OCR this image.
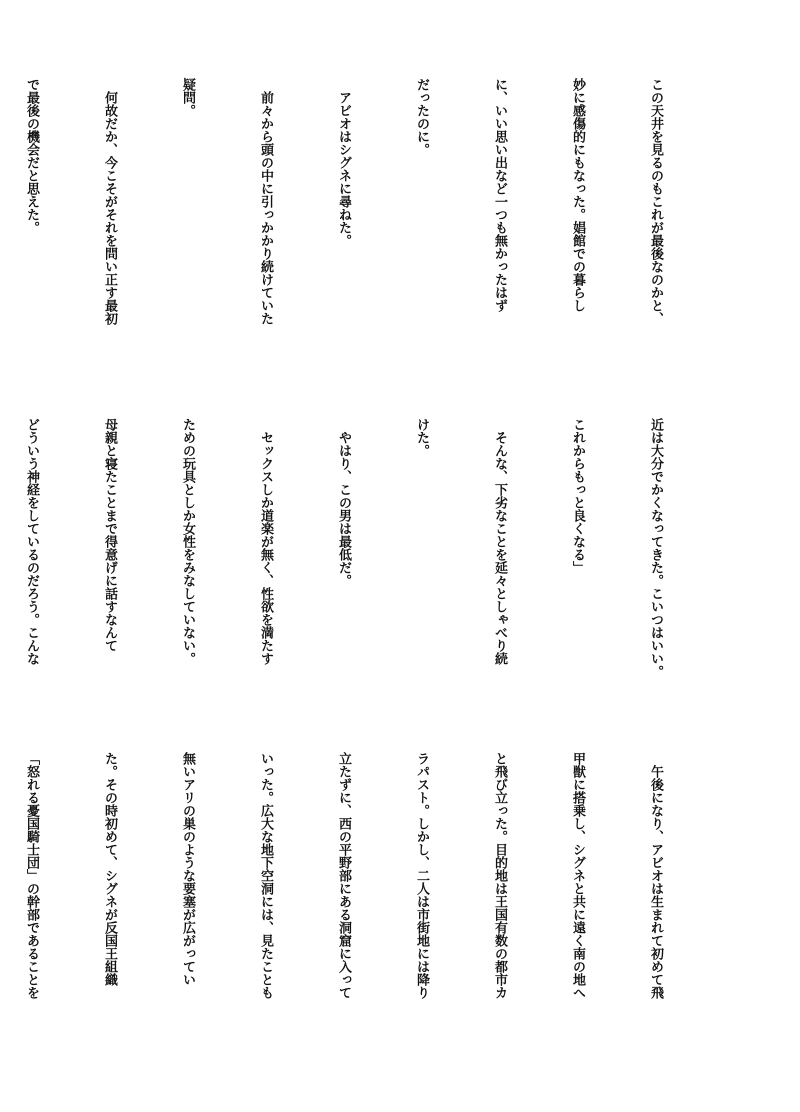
この天井を見るのもこれが最後なのかと、

妙に感傷的にもなった。娼館での暮らし

に、いい思い出など一つも無かったはず

だったのに。

　アビオはシグネに尋ねた。

　前々から頭の中に引っかかり続けていた

疑問。

　何故だか、今こそがそれを問い正す最初

で最後の機会だと思えた。

近は大分でかくなってきた。こいつはいい。

これからもっと良くなる」

　そんな、下劣なことを延々としゃべり続

けた。

　やはり、この男は最低だ。

　セックスしか道楽が無く、性欲を満たす

ための玩具としか女性をみなしていない。

母親と寝たことまで得意げに話すなんて

どういう神経をしているのだろう。こんな

　午後になり、アビオは生まれて初めて飛

甲獣に搭乗し、シグネと共に遠く南の地へ

と飛び立った。目的地は王国有数の都市カ

ラパスト。しかし、二人は市街地には降り

立たずに、西の平野部にある洞窟に入って

いった。広大な地下空洞には、見たことも

無いアリの巣のような要塞が広がってい

た。その時初めて、シグネが反国王組織

「怒れる憂国騎士団」の幹部であることを
